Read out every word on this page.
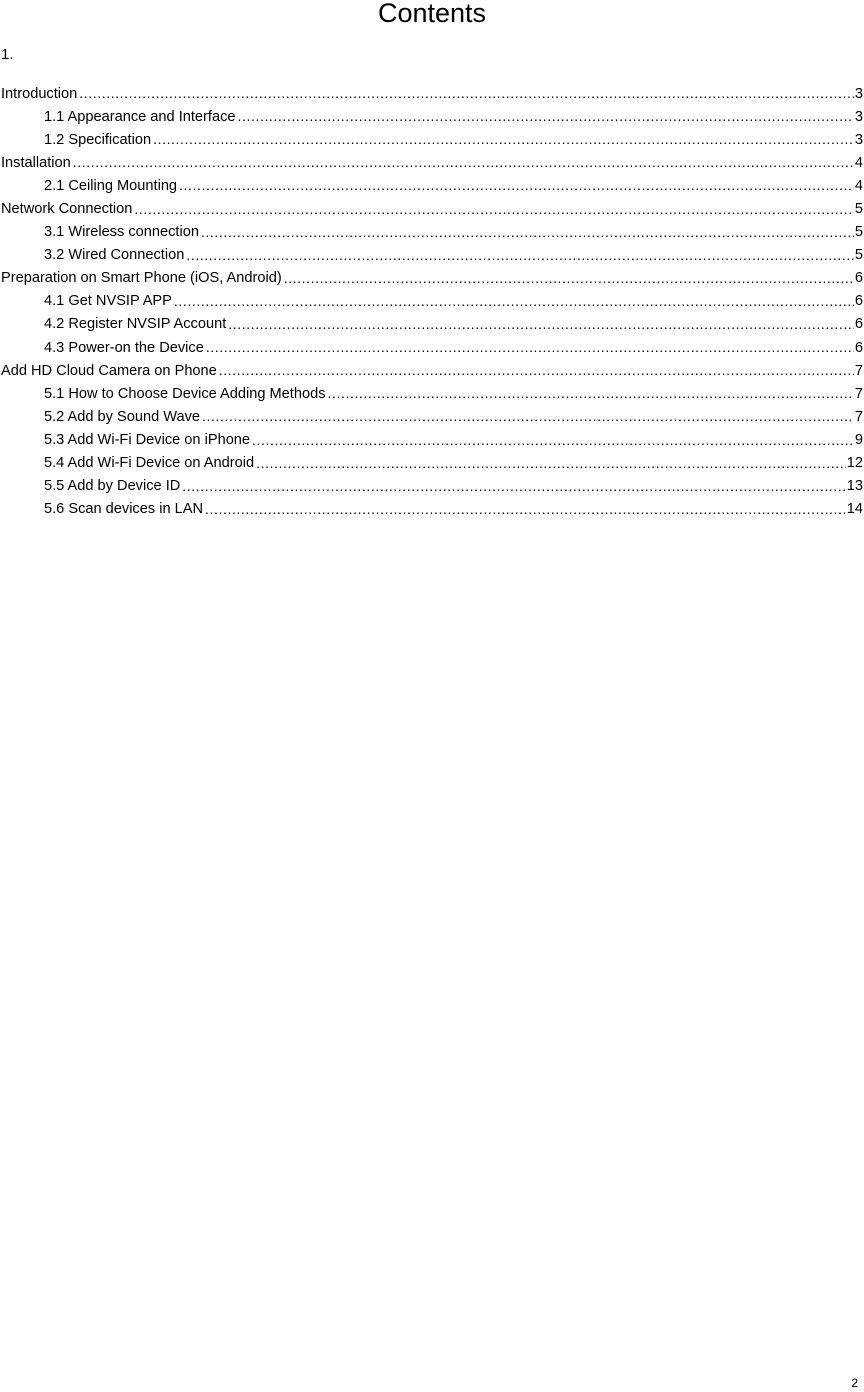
Contents
1.
Introduction .....	3
1.1 Appearance and Interface .....	3
1.2 Specification .....	3
Installation .....	4
2.1 Ceiling Mounting .....	4
Network Connection .....	5
3.1 Wireless connection .....	5
3.2 Wired Connection .....	5
Preparation on Smart Phone (iOS, Android) .....	6
4.1 Get NVSIP APP .....	6
4.2 Register NVSIP Account .....	6
4.3 Power-on the Device .....	6
Add HD Cloud Camera on Phone .....	7
5.1 How to Choose Device Adding Methods .....	7
5.2 Add by Sound Wave .....	7
5.3 Add Wi-Fi Device on iPhone .....	9
5.4 Add Wi-Fi Device on Android .....	12
5.5 Add by Device ID .....	13
5.6 Scan devices in LAN .....	14
2
